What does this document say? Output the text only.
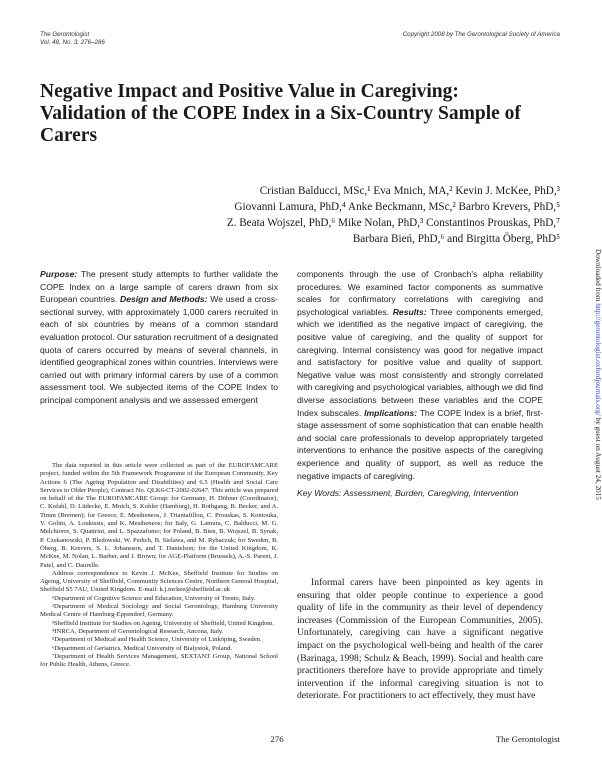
The Gerontologist
Vol. 48, No. 3, 276–286
Copyright 2008 by The Gerontological Society of America
Negative Impact and Positive Value in Caregiving: Validation of the COPE Index in a Six-Country Sample of Carers
Cristian Balducci, MSc,¹ Eva Mnich, MA,² Kevin J. McKee, PhD,³
Giovanni Lamura, PhD,⁴ Anke Beckmann, MSc,² Barbro Krevers, PhD,⁵
Z. Beata Wojszel, PhD,⁶ Mike Nolan, PhD,³ Constantinos Prouskas, PhD,⁷
Barbara Bień, PhD,⁶ and Birgitta Öberg, PhD⁵

Purpose: The present study attempts to further validate the COPE Index on a large sample of carers drawn from six European countries. Design and Methods: We used a cross-sectional survey, with approximately 1,000 carers recruited in each of six countries by means of a common standard evaluation protocol. Our saturation recruitment of a designated quota of carers occurred by means of several channels, in identified geographical zones within countries. Interviews were carried out with primary informal carers by use of a common assessment tool. We subjected items of the COPE Index to principal component analysis and we assessed emergent

components through the use of Cronbach’s alpha reliability procedures. We examined factor components as summative scales for confirmatory correlations with caregiving and psychological variables. Results: Three components emerged, which we identified as the negative impact of caregiving, the positive value of caregiving, and the quality of support for caregiving. Internal consistency was good for negative impact and satisfactory for positive value and quality of support. Negative value was most consistently and strongly correlated with caregiving and psychological variables, although we did find diverse associations between these variables and the COPE Index subscales. Implications: The COPE Index is a brief, first-stage assessment of some sophistication that can enable health and social care professionals to develop appropriately targeted interventions to enhance the positive aspects of the caregiving experience and quality of support, as well as reduce the negative impacts of caregiving.

Key Words: Assessment, Burden, Caregiving, Intervention

The data reported in this article were collected as part of the EUROFAMCARE project, funded within the 5th Framework Programme of the European Community, Key Actions 6 (The Ageing Population and Disabilities) and 6.5 (Health and Social Care Services to Older People), Contract No. QLK6-CT-2002-02647. This article was prepared on behalf of the The EUROFAMCARE Group: for Germany, H. Döhner (Coordinator), C. Kofahl, D. Lüdecke, E. Mnich, S. Kohler (Hamburg), H. Rothgang, R. Becker, and A. Timm (Bremen); for Greece, E. Mestheneos, J. Triantafillou, C. Prouskas, S. Kontouka, V. Golini, A. Loukissis, and K. Mestheneos; for Italy, G. Lamura, C. Balducci, M. G. Melchiorre, S. Quattrini, and L. Spazzafumo; for Poland, B. Bien, B. Wojszel, B. Synak, P. Czekanowski, P. Bledowski, W. Pedich, B. Sielawa, and M. Rybaczuk; for Sweden, B. Öberg, B. Krevers, S. L. Johansson, and T. Danielson; for the United Kingdom, K. McKee, M. Nolan, L. Barber, and J. Brown; for AGE-Platform (Brussels), A.-S. Parent, J. Patel, and C. Daurelle.

Address correspondence to Kevin J. McKee, Sheffield Institute for Studies on Ageing, University of Sheffield, Community Sciences Centre, Northern General Hospital, Sheffield S5 7AU, United Kingdom. E-mail: k.j.mckee@sheffield.ac.uk

¹Department of Cognitive Science and Education, University of Trento, Italy.

²Department of Medical Sociology and Social Gerontology, Hamburg University Medical Centre of Hamburg-Eppendorf, Germany.

³Sheffield Institute for Studies on Ageing, University of Sheffield, United Kingdom.

⁴INRCA, Department of Gerontological Research, Ancona, Italy.

⁵Department of Medical and Health Science, University of Linköping, Sweden.

⁶Department of Geriatrics, Medical University of Bialystok, Poland.

⁷Department of Health Services Management, SEXTANT Group, National School for Public Health, Athens, Greece.

Informal carers have been pinpointed as key agents in ensuring that older people continue to experience a good quality of life in the community as their level of dependency increases (Commission of the European Communities, 2005). Unfortunately, caregiving can have a significant negative impact on the psychological well-being and health of the carer (Barinaga, 1998; Schulz & Beach, 1999). Social and health care practitioners therefore have to provide appropriate and timely intervention if the informal caregiving situation is not to deteriorate. For practitioners to act effectively, they must have

276	The Gerontologist
Downloaded from http://gerontologist.oxfordjournals.org/ by guest on August 24, 2015
